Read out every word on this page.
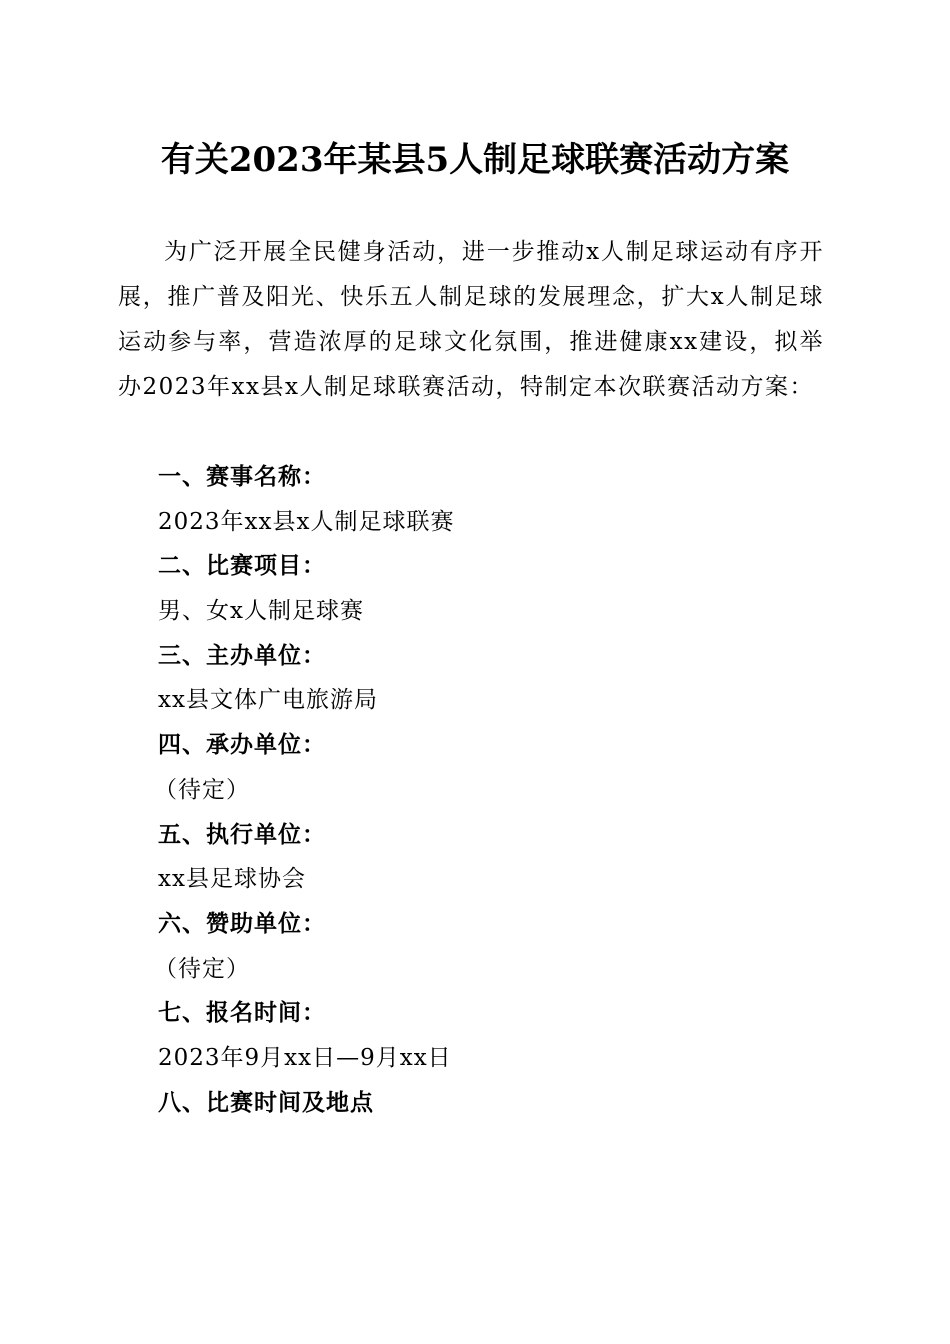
有关2023年某县5人制足球联赛活动方案

为广泛开展全民健身活动，进一步推动x人制足球运动有序开展，推广普及阳光、快乐五人制足球的发展理念，扩大x人制足球运动参与率，营造浓厚的足球文化氛围，推进健康xx建设，拟举办2023年xx县x人制足球联赛活动，特制定本次联赛活动方案：

一、赛事名称：
2023年xx县x人制足球联赛
二、比赛项目：
男、女x人制足球赛
三、主办单位：
xx县文体广电旅游局
四、承办单位：
（待定）
五、执行单位：
xx县足球协会
六、赞助单位：
（待定）
七、报名时间：
2023年9月xx日—9月xx日
八、比赛时间及地点
